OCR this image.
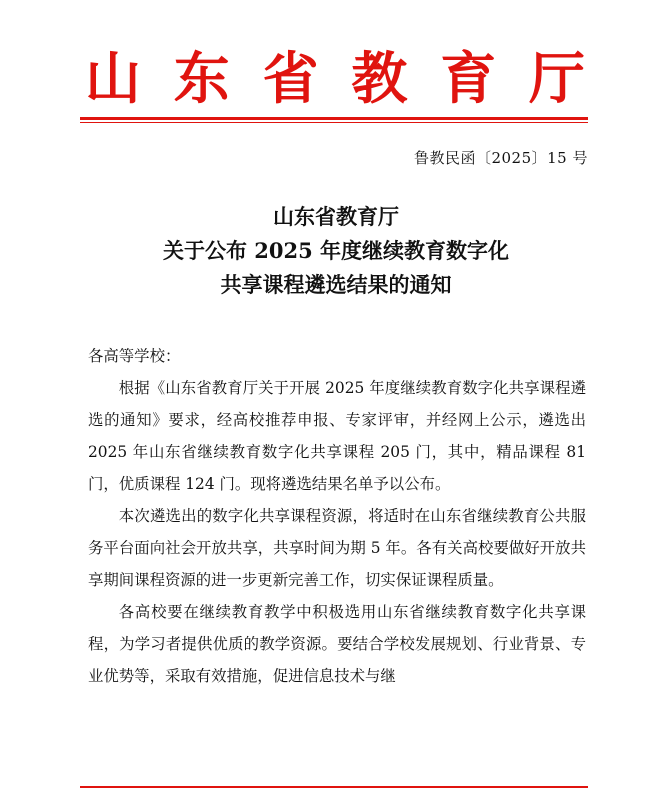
山 东 省 教 育 厅
鲁教民函〔2025〕15 号
山东省教育厅
关于公布 2025 年度继续教育数字化
共享课程遴选结果的通知
各高等学校：

根据《山东省教育厅关于开展 2025 年度继续教育数字化共享课程遴选的通知》要求，经高校推荐申报、专家评审，并经网上公示，遴选出 2025 年山东省继续教育数字化共享课程 205 门，其中，精品课程 81 门，优质课程 124 门。现将遴选结果名单予以公布。

本次遴选出的数字化共享课程资源，将适时在山东省继续教育公共服务平台面向社会开放共享，共享时间为期 5 年。各有关高校要做好开放共享期间课程资源的进一步更新完善工作，切实保证课程质量。

各高校要在继续教育教学中积极选用山东省继续教育数字化共享课程，为学习者提供优质的教学资源。要结合学校发展规划、行业背景、专业优势等，采取有效措施，促进信息技术与继
